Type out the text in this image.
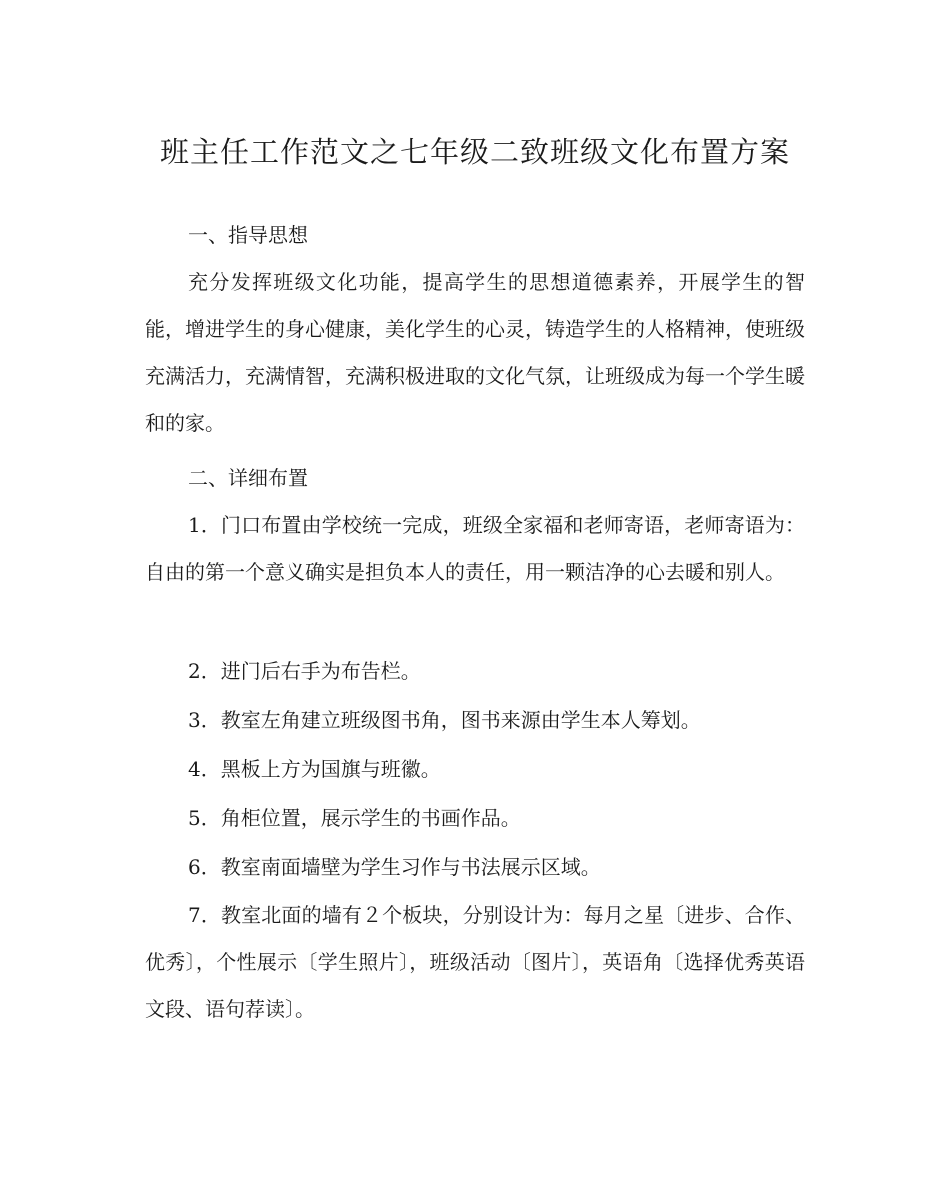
班主任工作范文之七年级二致班级文化布置方案

一、指导思想

充分发挥班级文化功能，提高学生的思想道德素养，开展学生的智能，增进学生的身心健康，美化学生的心灵，铸造学生的人格精神，使班级充满活力，充满情智，充满积极进取的文化气氛，让班级成为每一个学生暖和的家。

二、详细布置

1．门口布置由学校统一完成，班级全家福和老师寄语，老师寄语为：自由的第一个意义确实是担负本人的责任，用一颗洁净的心去暖和别人。

2．进门后右手为布告栏。

3．教室左角建立班级图书角，图书来源由学生本人筹划。

4．黑板上方为国旗与班徽。

5．角柜位置，展示学生的书画作品。

6．教室南面墙壁为学生习作与书法展示区域。

7．教室北面的墙有２个板块，分别设计为：每月之星〔进步、合作、优秀〕，个性展示〔学生照片〕，班级活动〔图片〕，英语角〔选择优秀英语文段、语句荐读〕。
